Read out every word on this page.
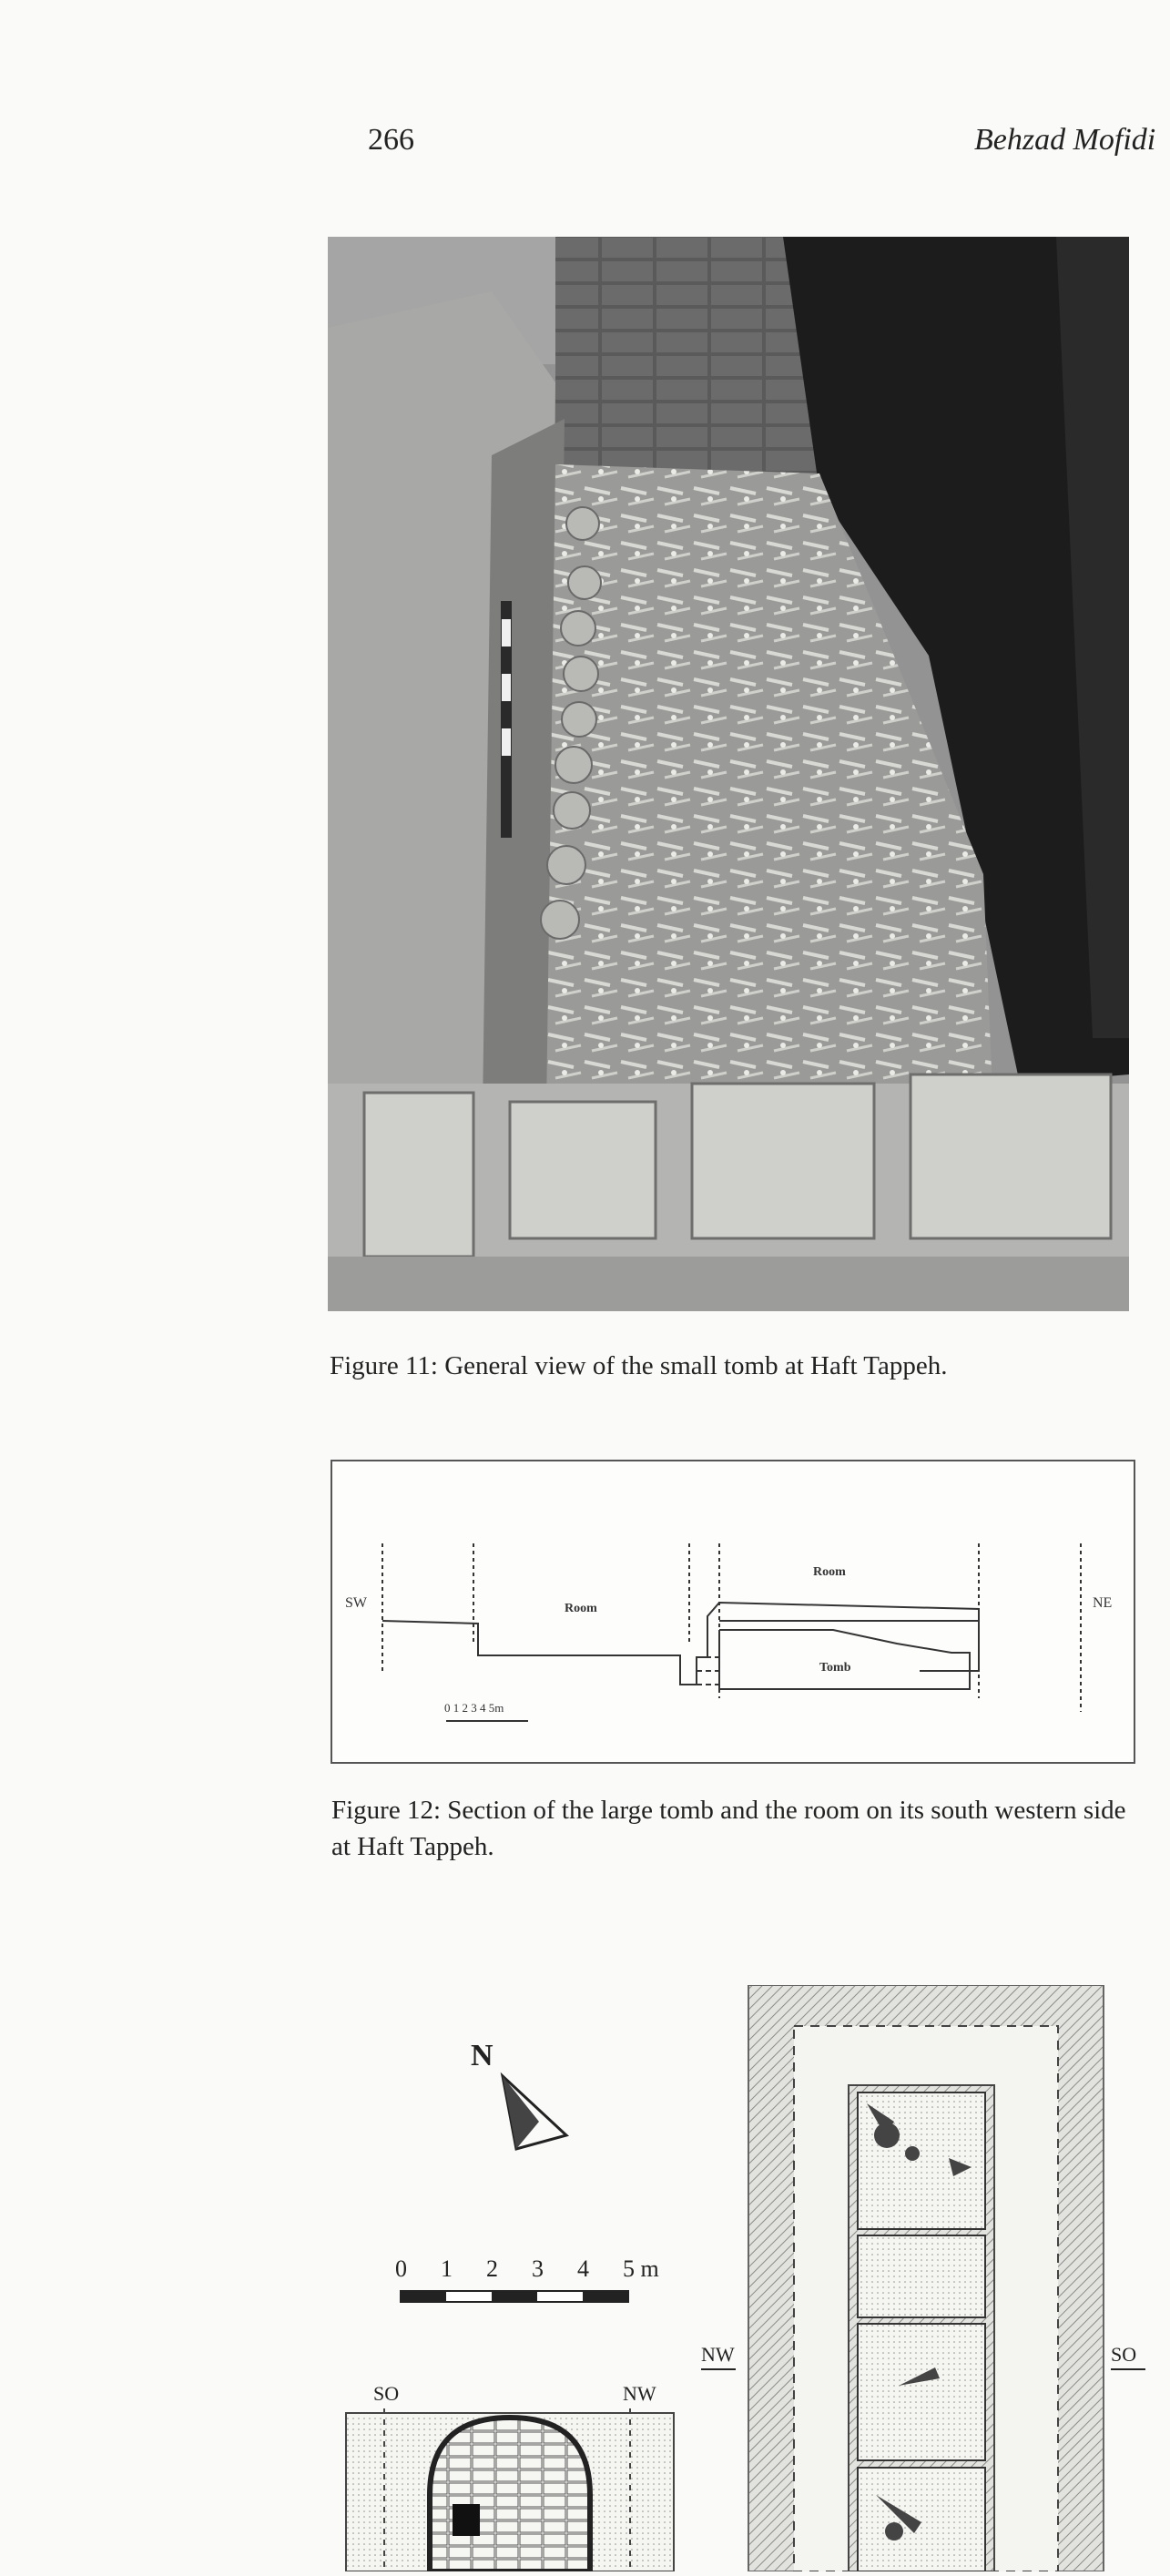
266	Behzad Mofidi
Figure 11: General view of the small tomb at Haft Tappeh.
SW	NE
Room
Room
Tomb
0 1 2 3 4 5m
Figure 12: Section of the large tomb and the room on its south western side at Haft Tappeh.
N
0 1 2 3 4 5 m
SO	NW
NW	SO
